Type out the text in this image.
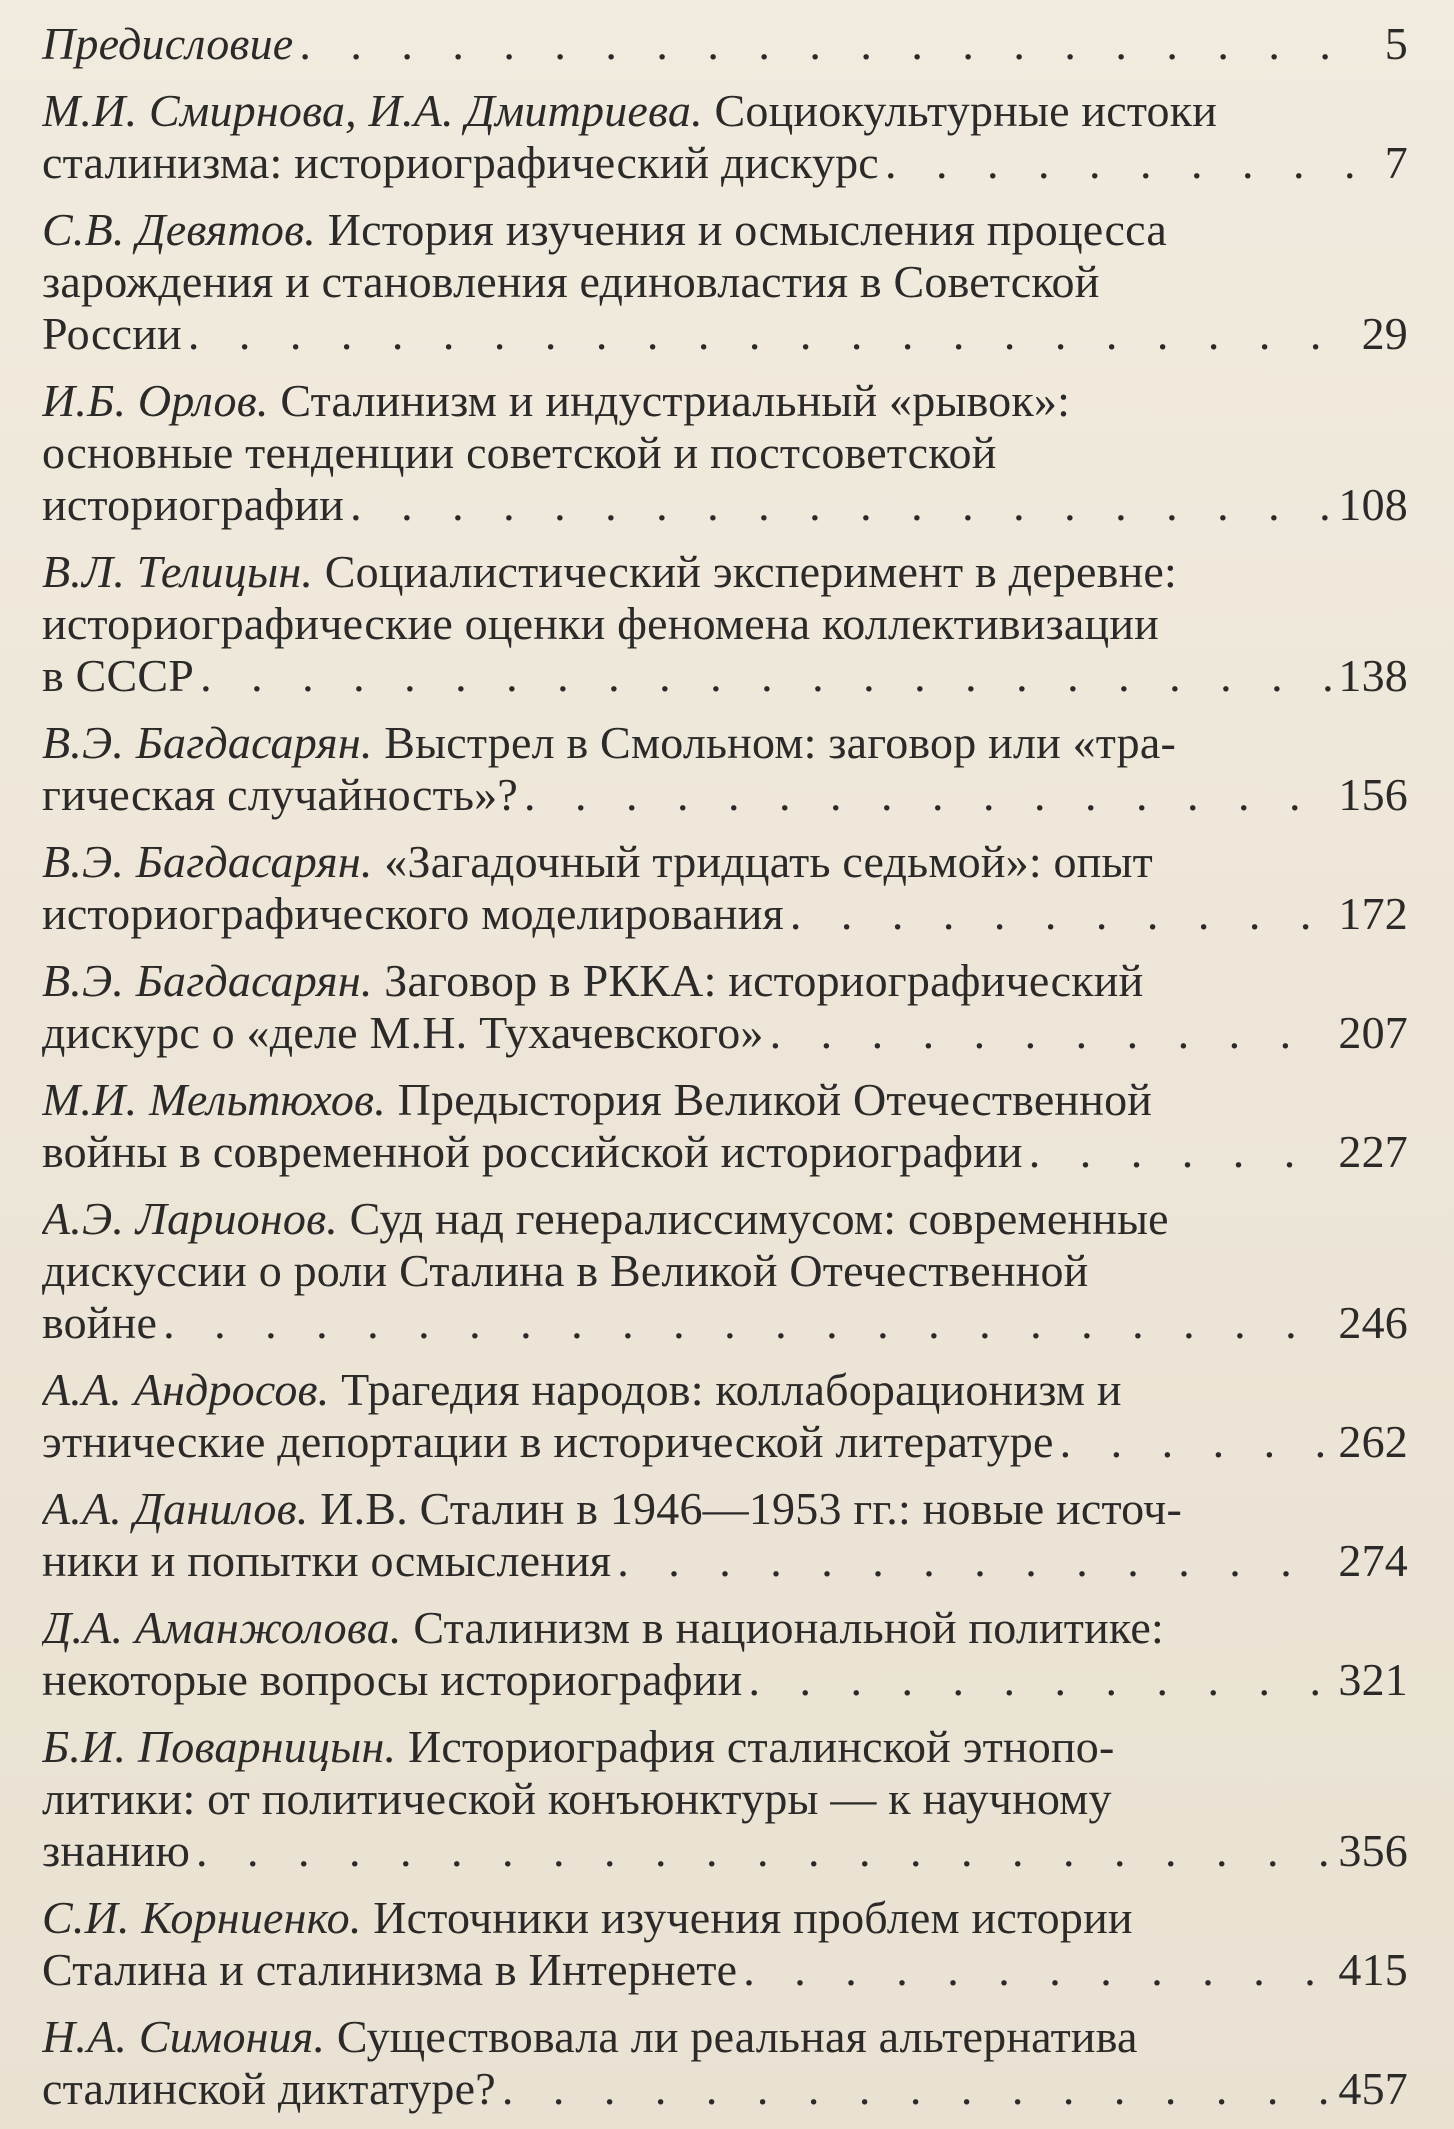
Предисловие . . .	5
М.И. Смирнова, И.А. Дмитриева. Социокультурные истоки
сталинизма: историографический дискурс . . .	7
С.В. Девятов. История изучения и осмысления процесса
зарождения и становления единовластия в Советской
России . . .	29
И.Б. Орлов. Сталинизм и индустриальный «рывок»:
основные тенденции советской и постсоветской
историографии . . .	108
В.Л. Телицын. Социалистический эксперимент в деревне:
историографические оценки феномена коллективизации
в СССР . . .	138
В.Э. Багдасарян. Выстрел в Смольном: заговор или «тра-
гическая случайность»? . . .	156
В.Э. Багдасарян. «Загадочный тридцать седьмой»: опыт
историографического моделирования . . .	172
В.Э. Багдасарян. Заговор в РККА: историографический
дискурс о «деле М.Н. Тухачевского» . . .	207
М.И. Мельтюхов. Предыстория Великой Отечественной
войны в современной российской историографии . . .	227
А.Э. Ларионов. Суд над генералиссимусом: современные
дискуссии о роли Сталина в Великой Отечественной
войне . . .	246
А.А. Андросов. Трагедия народов: коллаборационизм и
этнические депортации в исторической литературе . . .	262
А.А. Данилов. И.В. Сталин в 1946—1953 гг.: новые источ-
ники и попытки осмысления . . .	274
Д.А. Аманжолова. Сталинизм в национальной политике:
некоторые вопросы историографии . . .	321
Б.И. Поварницын. Историография сталинской этнопо-
литики: от политической конъюнктуры — к научному
знанию . . .	356
С.И. Корниенко. Источники изучения проблем истории
Сталина и сталинизма в Интернете . . .	415
Н.А. Симония. Существовала ли реальная альтернатива
сталинской диктатуре? . . .	457
